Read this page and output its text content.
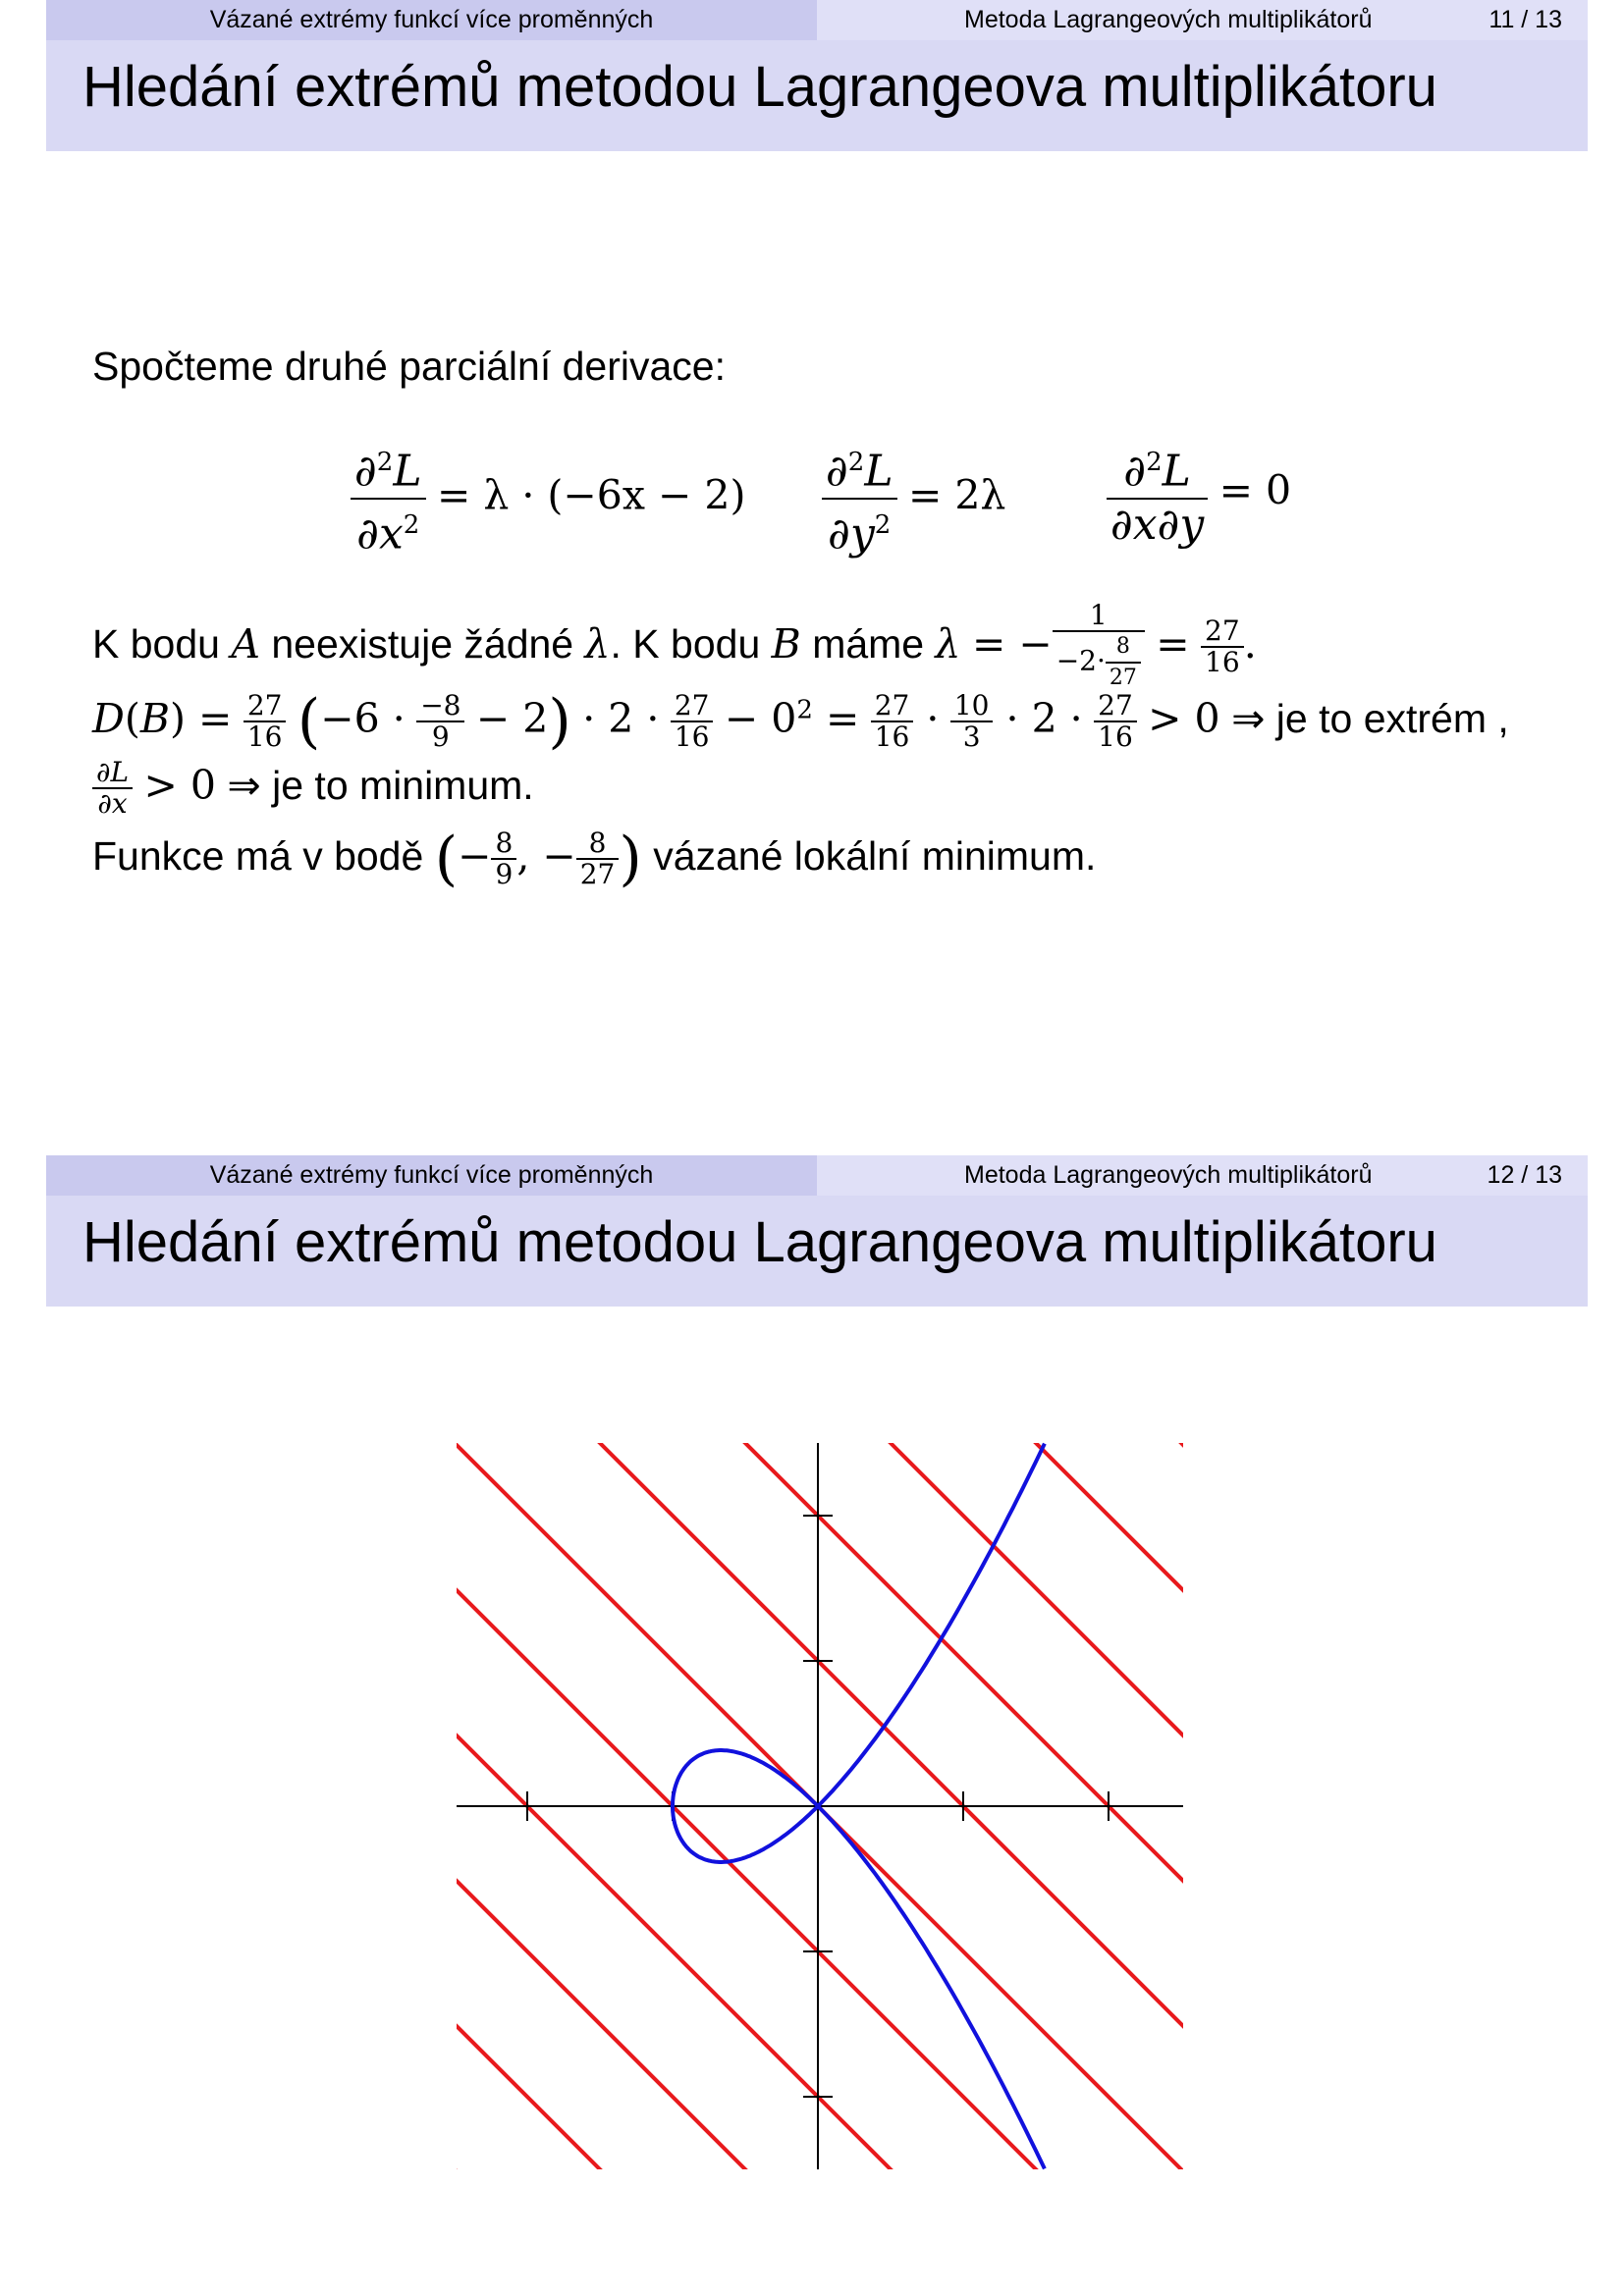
Vázané extrémy funkcí více proměnných	Metoda Lagrangeových multiplikátorů	11 / 13
Hledání extrémů metodou Lagrangeova multiplikátoru
Spočteme druhé parciální derivace:
$\frac{\partial^2L}{\partial x^2} = \lambda \cdot (-6x - 2) \frac{\partial^2L}{\partial y^2} = 2\lambda \frac{\partial^2L}{\partial x\partial y} = 0$
K bodu A neexistuje žádné λ. K bodu B máme λ = − $\frac{1}{-2\cdot \frac{8}{27}} = \frac{27}{16}$ .
$D(B) = \frac{27}{16} (-6 \cdot \frac{-8}{9} - 2) \cdot 2 \cdot \frac{27}{16} - 0^2 = \frac{27}{16} \cdot \frac{10}{3} \cdot 2 \cdot \frac{27}{16} > 0$ ⇒ je to extrém ,
$\frac{\partial L}{\partial x} > 0$ ⇒ je to minimum.
Funkce má v bodě (− $\frac{8}{9}$ , − $\frac{8}{27}$ ) vázané lokální minimum.
Vázané extrémy funkcí více proměnných	Metoda Lagrangeových multiplikátorů	12 / 13
Hledání extrémů metodou Lagrangeova multiplikátoru
